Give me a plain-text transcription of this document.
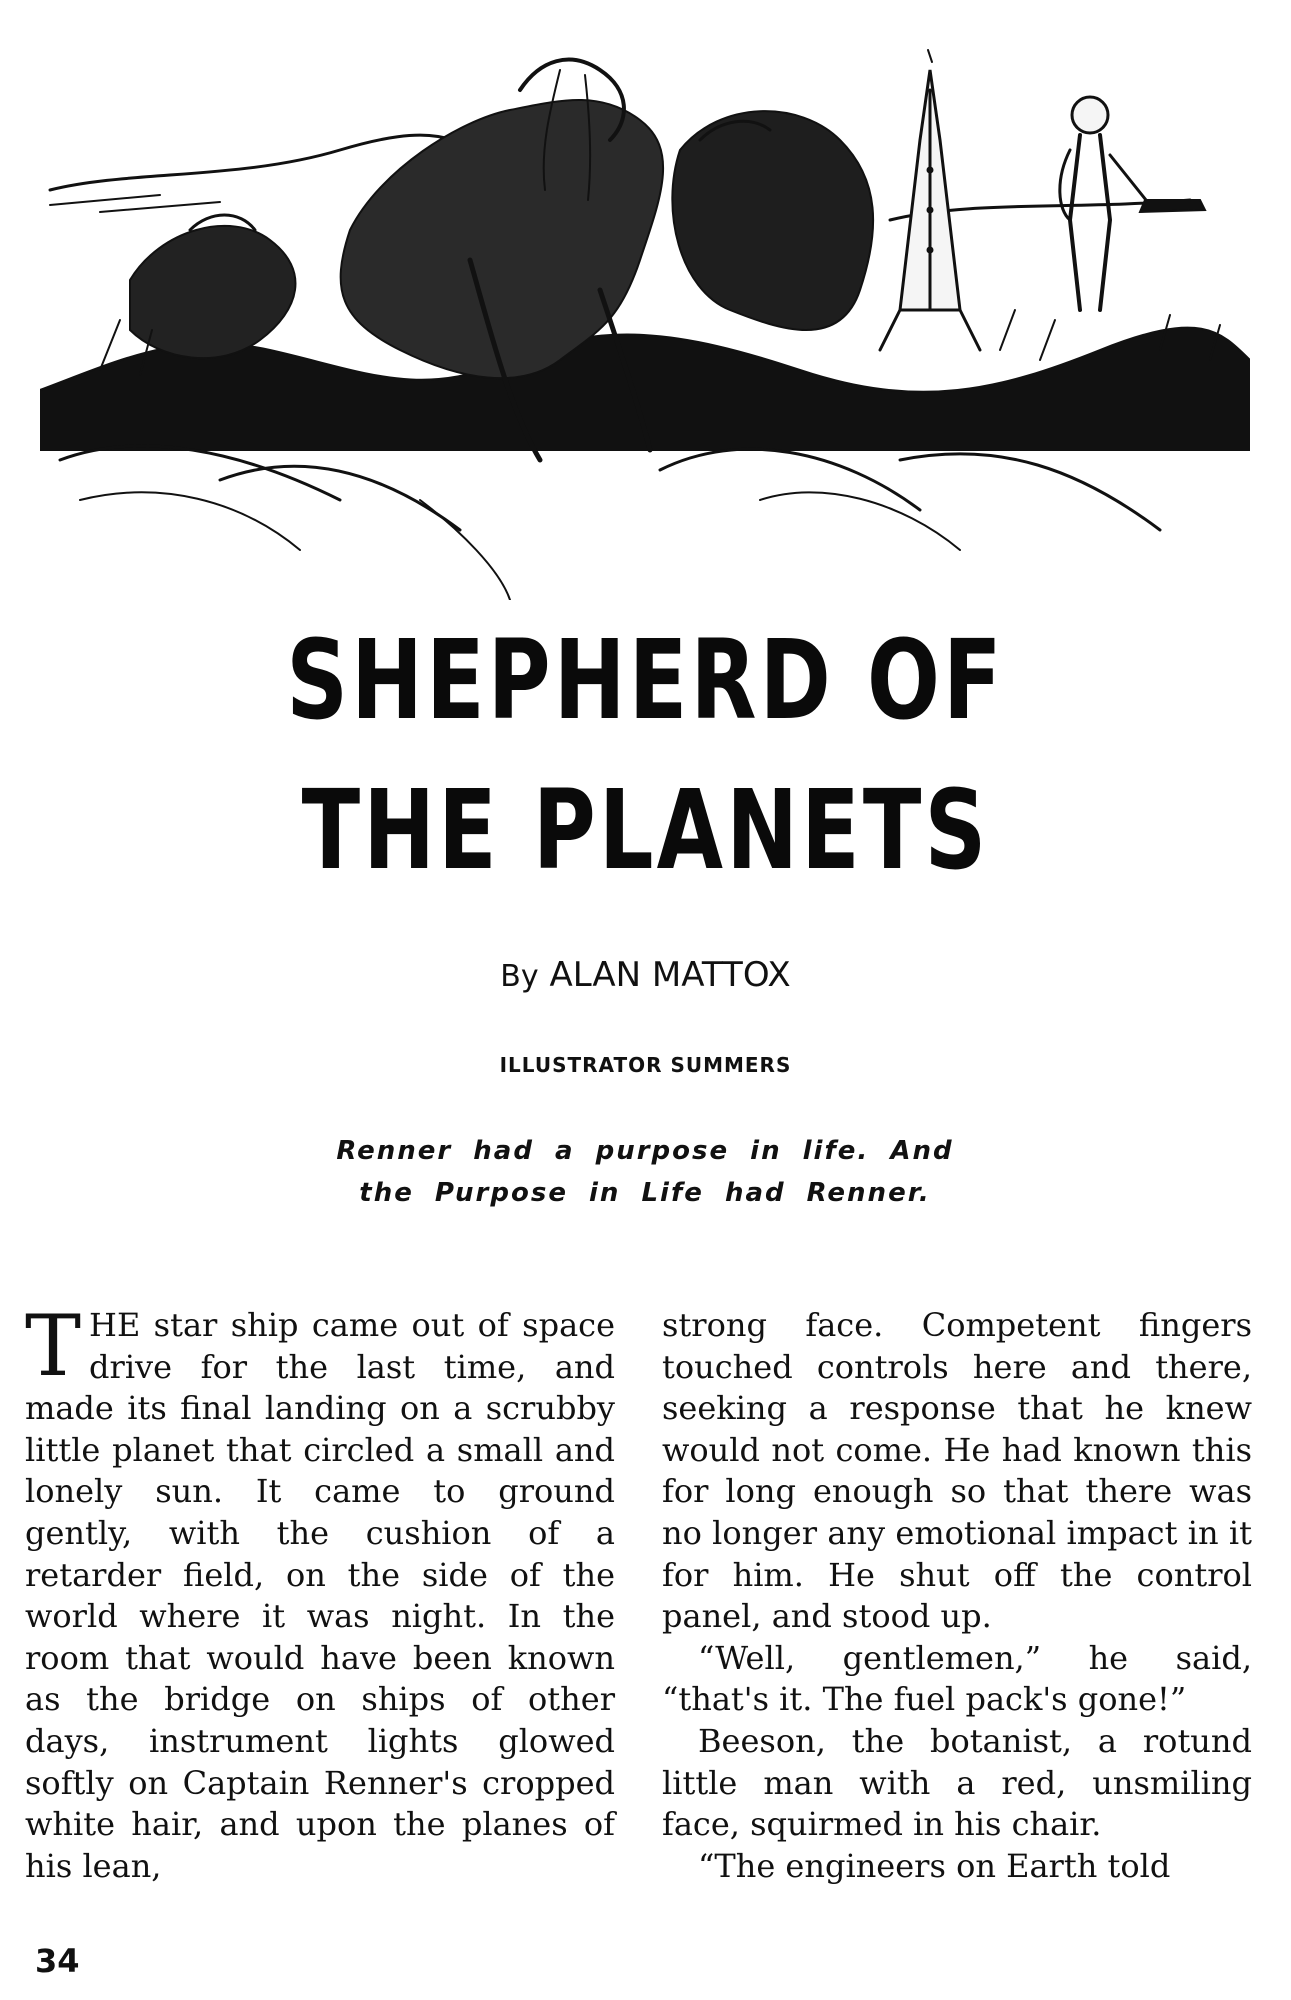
SHEPHERD OF
THE PLANETS
By ALAN MATTOX
ILLUSTRATOR SUMMERS
Renner had a purpose in life. And the Purpose in Life had Renner.

THE star ship came out of space drive for the last time, and made its final landing on a scrubby little planet that circled a small and lonely sun. It came to ground gently, with the cushion of a retarder field, on the side of the world where it was night. In the room that would have been known as the bridge on ships of other days, instrument lights glowed softly on Captain Renner's cropped white hair, and upon the planes of his lean,

strong face. Competent fingers touched controls here and there, seeking a response that he knew would not come. He had known this for long enough so that there was no longer any emotional impact in it for him. He shut off the control panel, and stood up.

“Well, gentlemen,” he said, “that's it. The fuel pack's gone!”

Beeson, the botanist, a rotund little man with a red, unsmiling face, squirmed in his chair.

“The engineers on Earth told

34
